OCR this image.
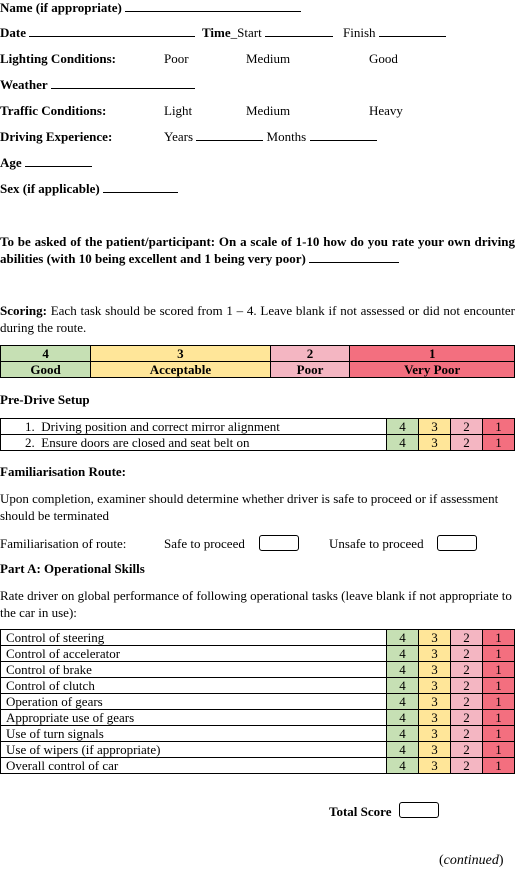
Name (if appropriate)
Date	Time_Start	Finish
Lighting Conditions:	Poor	Medium	Good
Weather
Traffic Conditions:	Light	Medium	Heavy
Driving Experience:	Years	Months
Age
Sex (if applicable)
To be asked of the patient/participant: On a scale of 1-10 how do you rate your own driving abilities (with 10 being excellent and 1 being very poor)
Scoring: Each task should be scored from 1 – 4. Leave blank if not assessed or did not encounter during the route.
4	3	2	1
Good	Acceptable	Poor	Very Poor
Pre-Drive Setup
1. Driving position and correct mirror alignment	4	3	2	1
2. Ensure doors are closed and seat belt on	4	3	2	1
Familiarisation Route:
Upon completion, examiner should determine whether driver is safe to proceed or if assessment should be terminated
Familiarisation of route:	Safe to proceed	Unsafe to proceed
Part A: Operational Skills
Rate driver on global performance of following operational tasks (leave blank if not appropriate to the car in use):
Control of steering	4	3	2	1
Control of accelerator	4	3	2	1
Control of brake	4	3	2	1
Control of clutch	4	3	2	1
Operation of gears	4	3	2	1
Appropriate use of gears	4	3	2	1
Use of turn signals	4	3	2	1
Use of wipers (if appropriate)	4	3	2	1
Overall control of car	4	3	2	1
Total Score
(continued)
